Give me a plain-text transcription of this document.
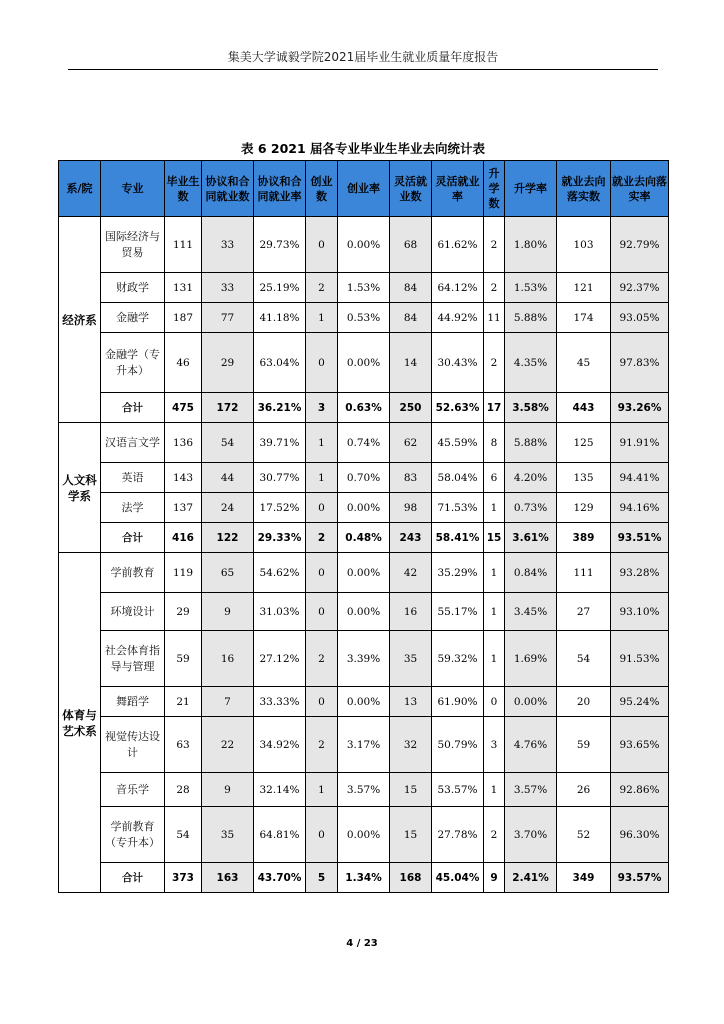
集美大学诚毅学院2021届毕业生就业质量年度报告
表 6 2021 届各专业毕业生毕业去向统计表
系/院	专业	毕业生数	协议和合同就业数	协议和合同就业率	创业数	创业率	灵活就业数	灵活就业率	升学数	升学率	就业去向落实数	就业去向落实率
经济系	国际经济与贸易	111	33	29.73%	0	0.00%	68	61.62%	2	1.80%	103	92.79%
	财政学	131	33	25.19%	2	1.53%	84	64.12%	2	1.53%	121	92.37%
	金融学	187	77	41.18%	1	0.53%	84	44.92%	11	5.88%	174	93.05%
	金融学（专升本）	46	29	63.04%	0	0.00%	14	30.43%	2	4.35%	45	97.83%
	合计	475	172	36.21%	3	0.63%	250	52.63%	17	3.58%	443	93.26%
人文科学系	汉语言文学	136	54	39.71%	1	0.74%	62	45.59%	8	5.88%	125	91.91%
	英语	143	44	30.77%	1	0.70%	83	58.04%	6	4.20%	135	94.41%
	法学	137	24	17.52%	0	0.00%	98	71.53%	1	0.73%	129	94.16%
	合计	416	122	29.33%	2	0.48%	243	58.41%	15	3.61%	389	93.51%
体育与艺术系	学前教育	119	65	54.62%	0	0.00%	42	35.29%	1	0.84%	111	93.28%
	环境设计	29	9	31.03%	0	0.00%	16	55.17%	1	3.45%	27	93.10%
	社会体育指导与管理	59	16	27.12%	2	3.39%	35	59.32%	1	1.69%	54	91.53%
	舞蹈学	21	7	33.33%	0	0.00%	13	61.90%	0	0.00%	20	95.24%
	视觉传达设计	63	22	34.92%	2	3.17%	32	50.79%	3	4.76%	59	93.65%
	音乐学	28	9	32.14%	1	3.57%	15	53.57%	1	3.57%	26	92.86%
	学前教育（专升本）	54	35	64.81%	0	0.00%	15	27.78%	2	3.70%	52	96.30%
	合计	373	163	43.70%	5	1.34%	168	45.04%	9	2.41%	349	93.57%
4 / 23
